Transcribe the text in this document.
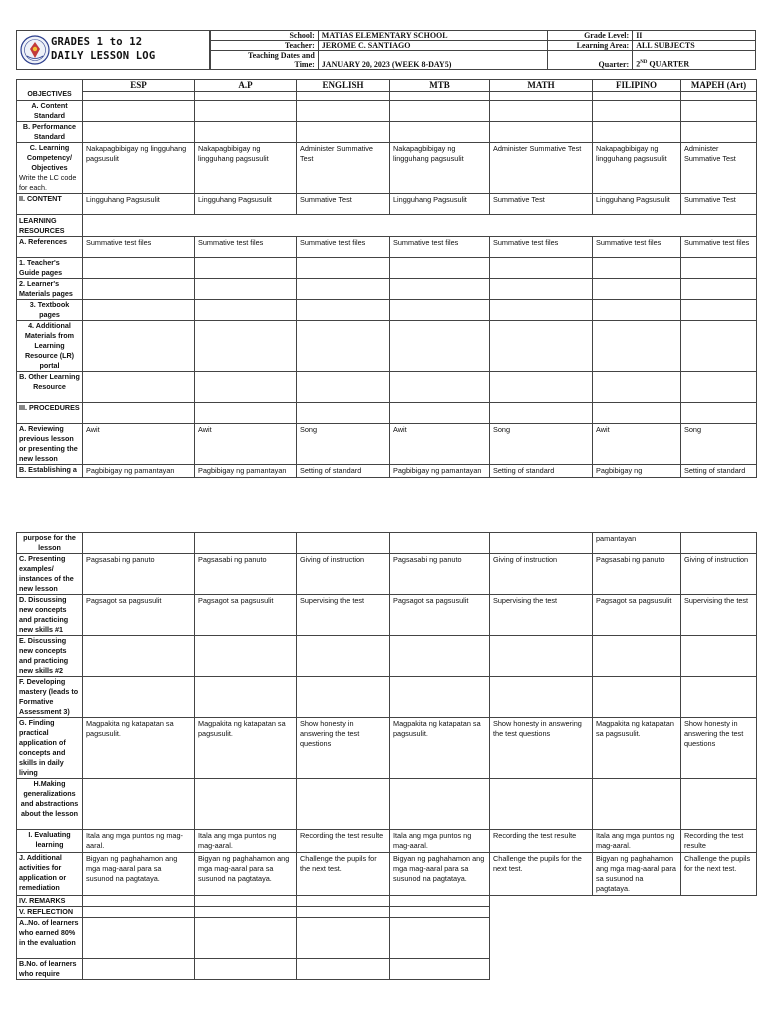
GRADES 1 to 12
DAILY LESSON LOG
School:	MATIAS ELEMENTARY SCHOOL	Grade Level:	II
Teacher:	JEROME C. SANTIAGO	Learning Area:	ALL SUBJECTS
Teaching Dates and
Time:	JANUARY 20, 2023 (WEEK 8-DAY5)	Quarter:	2ND QUARTER
OBJECTIVES	ESP	A.P	ENGLISH	MTB	MATH	FILIPINO	MAPEH (Art)

A. Content Standard							
B. Performance Standard							
C. Learning Competency/ Objectives
Write the LC code for each.	Nakapagbibigay ng lingguhang pagsusulit	Nakapagbibigay ng lingguhang pagsusulit	Administer Summative Test	Nakapagbibigay ng lingguhang pagsusulit	Administer Summative Test	Nakapagbibigay ng lingguhang pagsusulit	Administer Summative Test
II. CONTENT	Lingguhang Pagsusulit	Lingguhang Pagsusulit	Summative Test	Lingguhang Pagsusulit	Summative Test	Lingguhang Pagsusulit	Summative Test
LEARNING RESOURCES							
A. References	Summative test files	Summative test files	Summative test files	Summative test files	Summative test files	Summative test files	Summative test files
1. Teacher's Guide pages							
2. Learner's Materials pages							
3. Textbook pages							
4. Additional Materials from Learning Resource (LR) portal							
B. Other Learning Resource							
III. PROCEDURES							
A. Reviewing previous lesson or presenting the new lesson	Awit	Awit	Song	Awit	Song	Awit	Song
B. Establishing a	Pagbibigay ng pamantayan	Pagbibigay ng pamantayan	Setting of standard	Pagbibigay ng pamantayan	Setting of standard	Pagbibigay ng	Setting of standard
purpose for the lesson						pamantayan	
C. Presenting examples/ instances of the new lesson	Pagsasabi ng panuto	Pagsasabi ng panuto	Giving of instruction	Pagsasabi ng panuto	Giving of instruction	Pagsasabi ng panuto	Giving of instruction
D. Discussing new concepts and practicing new skills #1	Pagsagot sa pagsusulit	Pagsagot sa pagsusulit	Supervising the test	Pagsagot sa pagsusulit	Supervising the test	Pagsagot sa pagsusulit	Supervising the test
E. Discussing new concepts and practicing new skills #2							
F. Developing mastery (leads to Formative Assessment 3)							
G. Finding practical application of concepts and skills in daily living	Magpakita ng katapatan sa pagsusulit.	Magpakita ng katapatan sa pagsusulit.	Show honesty in answering the test questions	Magpakita ng katapatan sa pagsusulit.	Show honesty in answering the test questions	Magpakita ng katapatan sa pagsusulit.	Show honesty in answering the test questions
H.Making generalizations and abstractions about the lesson							
I. Evaluating learning	Itala ang mga puntos ng mag-aaral.	Itala ang mga puntos ng mag-aaral.	Recording the test resulte	Itala ang mga puntos ng mag-aaral.	Recording the test resulte	Itala ang mga puntos ng mag-aaral.	Recording the test resulte
J. Additional activities for application or remediation	Bigyan ng paghahamon ang mga mag-aaral para sa susunod na pagtataya.	Bigyan ng paghahamon ang mga mag-aaral para sa susunod na pagtataya.	Challenge the pupils for the next test.	Bigyan ng paghahamon ang mga mag-aaral para sa susunod na pagtataya.	Challenge the pupils for the next test.	Bigyan ng paghahamon ang mga mag-aaral para sa susunod na pagtataya.	Challenge the pupils for the next test.
IV. REMARKS							
V. REFLECTION							
A..No. of learners who earned 80% in the evaluation							
B.No. of learners who require							
